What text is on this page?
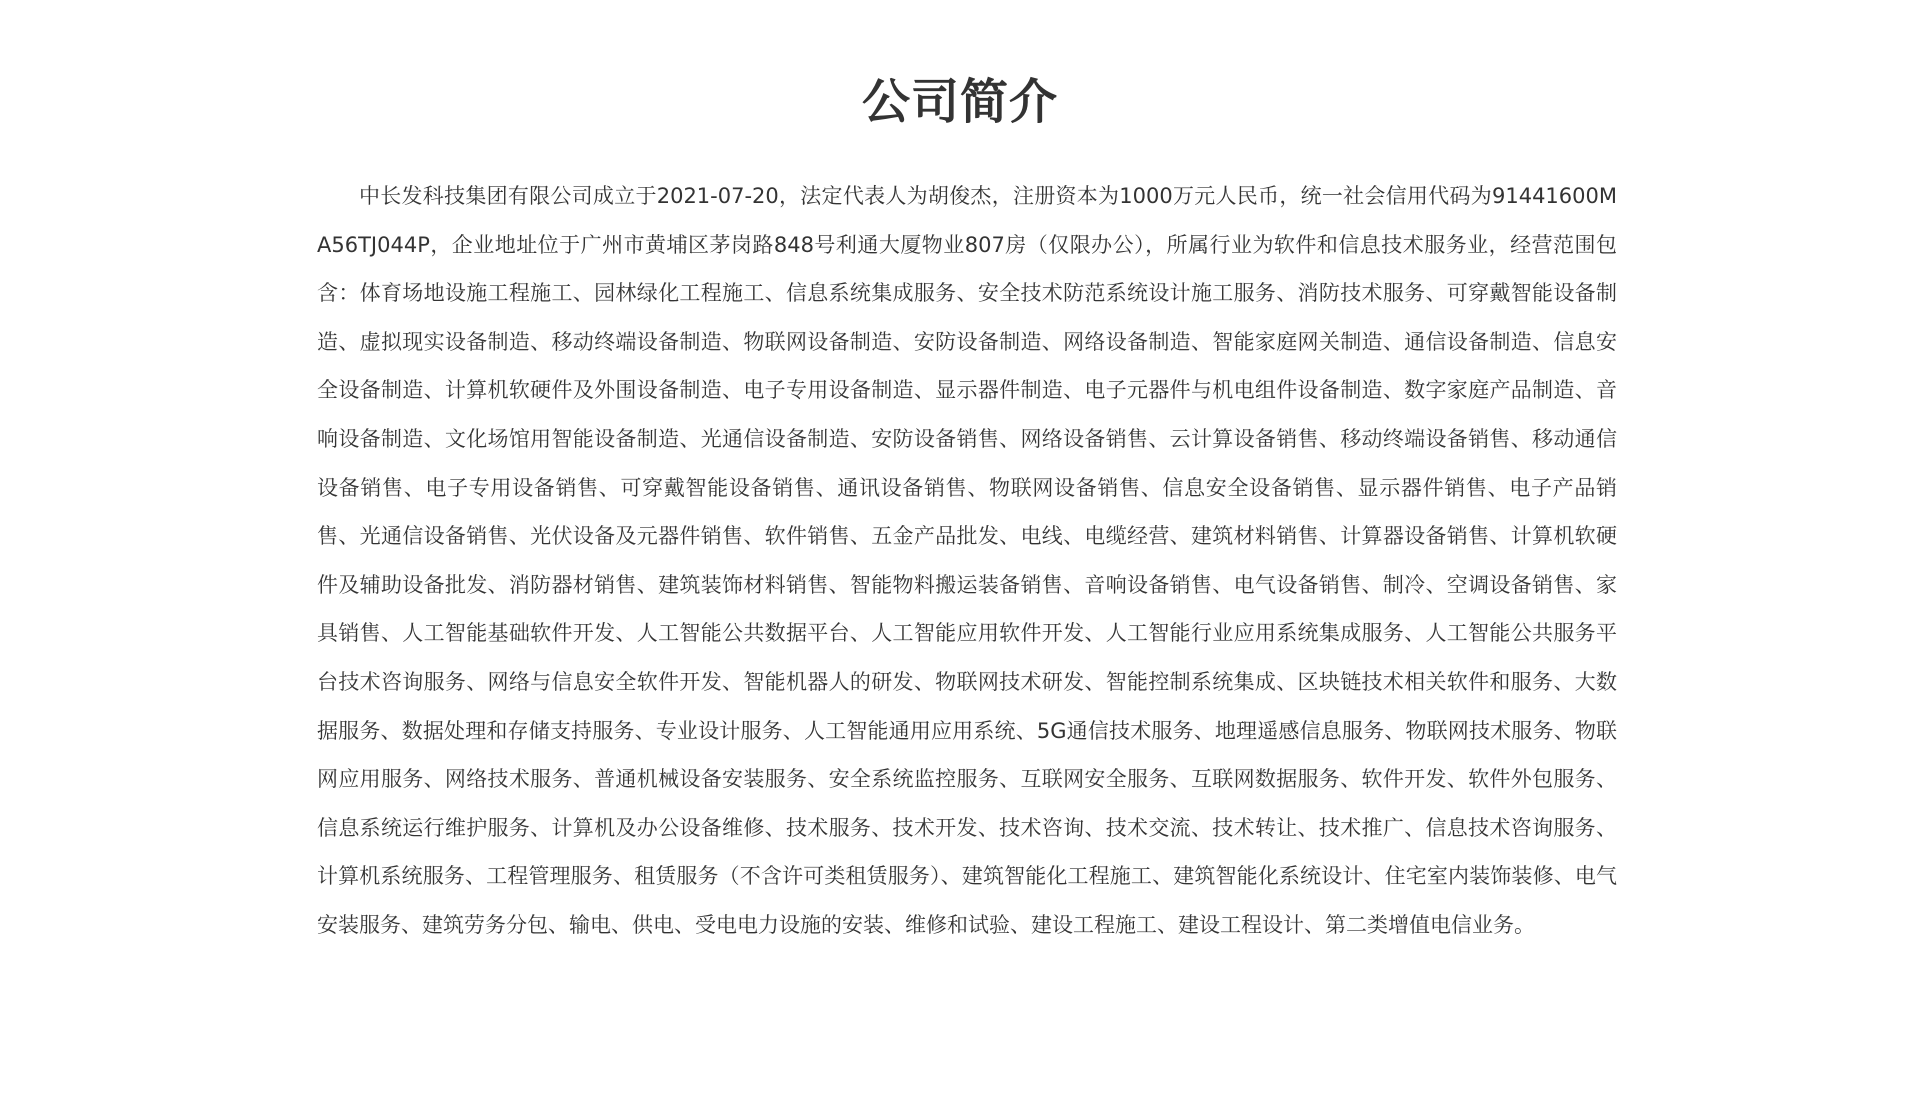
公司简介

中长发科技集团有限公司成立于2021-07-20，法定代表人为胡俊杰，注册资本为1000万元人民币，统一社会信用代码为91441600MA56TJ044P，企业地址位于广州市黄埔区茅岗路848号利通大厦物业807房（仅限办公），所属行业为软件和信息技术服务业，经营范围包含：体育场地设施工程施工、园林绿化工程施工、信息系统集成服务、安全技术防范系统设计施工服务、消防技术服务、可穿戴智能设备制造、虚拟现实设备制造、移动终端设备制造、物联网设备制造、安防设备制造、网络设备制造、智能家庭网关制造、通信设备制造、信息安全设备制造、计算机软硬件及外围设备制造、电子专用设备制造、显示器件制造、电子元器件与机电组件设备制造、数字家庭产品制造、音响设备制造、文化场馆用智能设备制造、光通信设备制造、安防设备销售、网络设备销售、云计算设备销售、移动终端设备销售、移动通信设备销售、电子专用设备销售、可穿戴智能设备销售、通讯设备销售、物联网设备销售、信息安全设备销售、显示器件销售、电子产品销售、光通信设备销售、光伏设备及元器件销售、软件销售、五金产品批发、电线、电缆经营、建筑材料销售、计算器设备销售、计算机软硬件及辅助设备批发、消防器材销售、建筑装饰材料销售、智能物料搬运装备销售、音响设备销售、电气设备销售、制冷、空调设备销售、家具销售、人工智能基础软件开发、人工智能公共数据平台、人工智能应用软件开发、人工智能行业应用系统集成服务、人工智能公共服务平台技术咨询服务、网络与信息安全软件开发、智能机器人的研发、物联网技术研发、智能控制系统集成、区块链技术相关软件和服务、大数据服务、数据处理和存储支持服务、专业设计服务、人工智能通用应用系统、5G通信技术服务、地理遥感信息服务、物联网技术服务、物联网应用服务、网络技术服务、普通机械设备安装服务、安全系统监控服务、互联网安全服务、互联网数据服务、软件开发、软件外包服务、信息系统运行维护服务、计算机及办公设备维修、技术服务、技术开发、技术咨询、技术交流、技术转让、技术推广、信息技术咨询服务、计算机系统服务、工程管理服务、租赁服务（不含许可类租赁服务）、建筑智能化工程施工、建筑智能化系统设计、住宅室内装饰装修、电气安装服务、建筑劳务分包、输电、供电、受电电力设施的安装、维修和试验、建设工程施工、建设工程设计、第二类增值电信业务。
